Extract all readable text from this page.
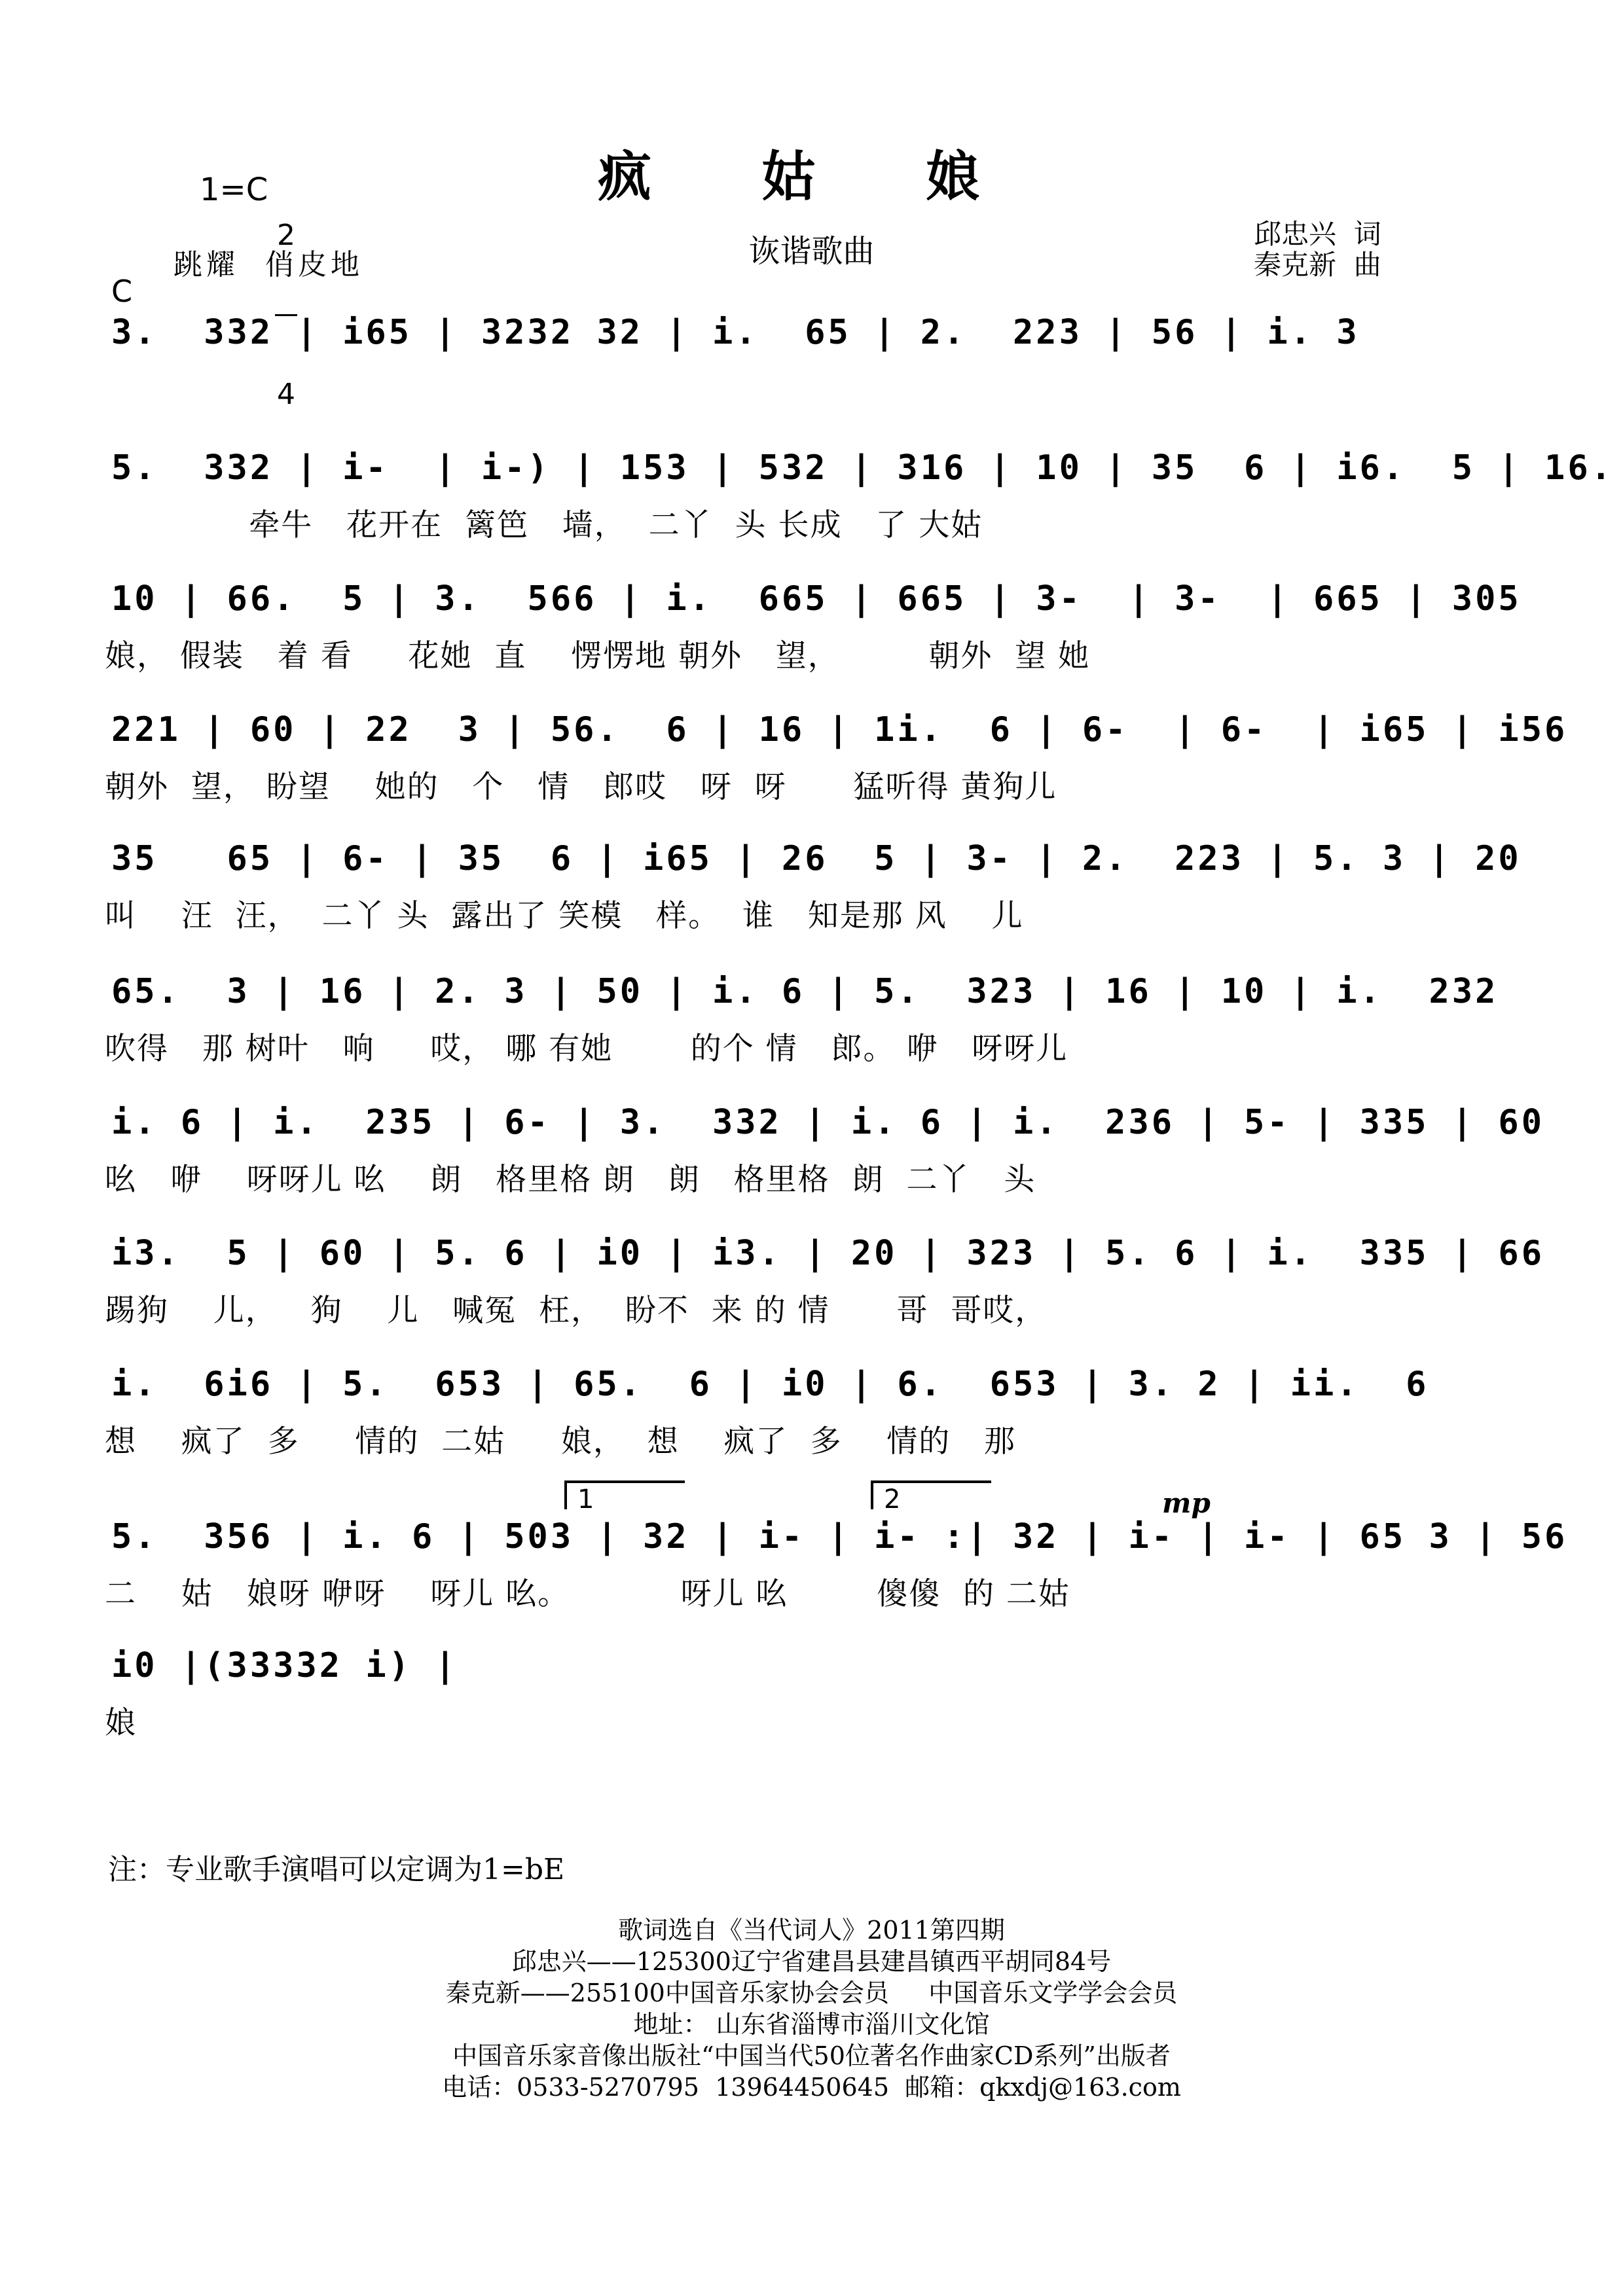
疯 姑 娘
诙谐歌曲
1=C

2

4

跳耀  俏皮地
C
邱忠兴  词
秦克新  曲
3.  332 | i65 | 3232 32 | i.  65 | 2.  223 | 56 | i. 3
5.  332 | i-  | i-) | 153 | 532 | 316 | 10 | 35  6 | i6.  5 | 16.
牵牛   花开在  篱笆   墙，  二丫  头 长成   了 大姑
10 | 66.  5 | 3.  566 | i.  665 | 665 | 3-  | 3-  | 665 | 305
娘， 假装   着 看     花她  直    愣愣地 朝外   望，        朝外  望 她
221 | 60 | 22  3 | 56.  6 | 16 | 1i.  6 | 6-  | 6-  | i65 | i56
朝外  望， 盼望    她的   个   情   郎哎   呀  呀      猛听得 黄狗儿
35   65 | 6- | 35  6 | i65 | 26  5 | 3- | 2.  223 | 5. 3 | 20
叫    汪  汪，  二丫 头  露出了 笑模   样。  谁   知是那 风    儿
65.  3 | 16 | 2. 3 | 50 | i. 6 | 5.  323 | 16 | 10 | i.  232
吹得   那 树叶   响     哎， 哪 有她       的个 情   郎。 咿   呀呀儿
i. 6 | i.  235 | 6- | 3.  332 | i. 6 | i.  236 | 5- | 335 | 60
吆   咿    呀呀儿 吆    朗   格里格 朗   朗   格里格  朗  二丫   头
i3.  5 | 60 | 5. 6 | i0 | i3. | 20 | 323 | 5. 6 | i.  335 | 66
踢狗    儿，   狗    儿   喊冤  枉，  盼不  来 的 情      哥  哥哎，
i.  6i6 | 5.  653 | 65.  6 | i0 | 6.  653 | 3. 2 | ii.  6
想    疯了  多     情的  二姑     娘，  想    疯了  多    情的   那
5.  356 | i. 6 | 503 | 32 | i- | i- :| 32 | i- | i- | 65 3 | 56
二    姑   娘呀 咿呀    呀儿 吆。          呀儿 吆        傻傻  的 二姑
i0 |(33332 i) |
娘
1	2	mp
注：专业歌手演唱可以定调为1=bE
歌词选自《当代词人》2011第四期
邱忠兴——125300辽宁省建昌县建昌镇西平胡同84号
秦克新——255100中国音乐家协会会员     中国音乐文学学会会员
地址： 山东省淄博市淄川文化馆
中国音乐家音像出版社“中国当代50位著名作曲家CD系列”出版者
电话：0533-5270795  13964450645  邮箱：qkxdj@163.com
